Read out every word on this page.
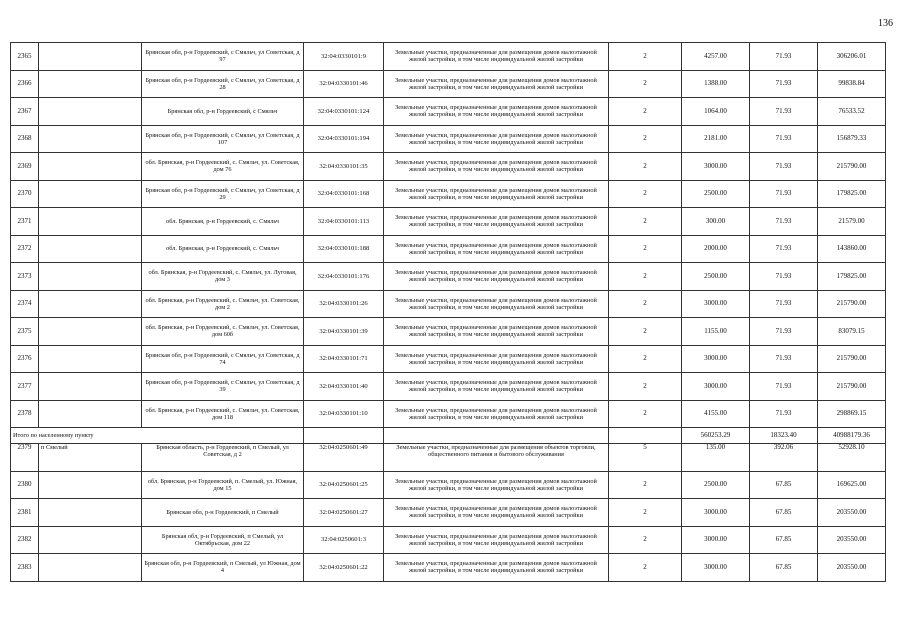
136
2365		Брянская обл, р-н Гордеевский, с Смяльч, ул Советская, д 97	32:04:0330101:9	Земельные участки, предназначенные для размещения домов малоэтажной жилой застройки, в том числе индивидуальной жилой застройки	2	4257.00	71.93	306206.01
2366		Брянская обл, р-н Гордеевский, с Смяльч, ул Советская, д 28	32:04:0330101:46	Земельные участки, предназначенные для размещения домов малоэтажной жилой застройки, в том числе индивидуальной жилой застройки	2	1388.00	71.93	99838.84
2367		Брянская обл, р-н Гордеевский, с Смяльч	32:04:0330101:124	Земельные участки, предназначенные для размещения домов малоэтажной жилой застройки, в том числе индивидуальной жилой застройки	2	1064.00	71.93	76533.52
2368		Брянская обл, р-н Гордеевский, с Смяльч, ул Советская, д 107	32:04:0330101:194	Земельные участки, предназначенные для размещения домов малоэтажной жилой застройки, в том числе индивидуальной жилой застройки	2	2181.00	71.93	156879.33
2369		обл. Брянская, р-н Гордеевский, с. Смяльч, ул. Советская, дом 76	32:04:0330101:35	Земельные участки, предназначенные для размещения домов малоэтажной жилой застройки, в том числе индивидуальной жилой застройки	2	3000.00	71.93	215790.00
2370		Брянская обл, р-н Гордеевский, с Смяльч, ул Советская, д 29	32:04:0330101:168	Земельные участки, предназначенные для размещения домов малоэтажной жилой застройки, в том числе индивидуальной жилой застройки	2	2500.00	71.93	179825.00
2371		обл. Брянская, р-н Гордеевский, с. Смяльч	32:04:0330101:113	Земельные участки, предназначенные для размещения домов малоэтажной жилой застройки, в том числе индивидуальной жилой застройки	2	300.00	71.93	21579.00
2372		обл. Брянская, р-н Гордеевский, с. Смяльч	32:04:0330101:188	Земельные участки, предназначенные для размещения домов малоэтажной жилой застройки, в том числе индивидуальной жилой застройки	2	2000.00	71.93	143860.00
2373		обл. Брянская, р-н Гордеевский, с. Смяльч, ул. Луговая, дом 3	32:04:0330101:176	Земельные участки, предназначенные для размещения домов малоэтажной жилой застройки, в том числе индивидуальной жилой застройки	2	2500.00	71.93	179825.00
2374		обл. Брянская, р-н Гордеевский, с. Смяльч, ул. Советская, дом 2	32:04:0330101:26	Земельные участки, предназначенные для размещения домов малоэтажной жилой застройки, в том числе индивидуальной жилой застройки	2	3000.00	71.93	215790.00
2375		обл. Брянская, р-н Гордеевский, с. Смяльч, ул. Советская, дом 60б	32:04:0330101:39	Земельные участки, предназначенные для размещения домов малоэтажной жилой застройки, в том числе индивидуальной жилой застройки	2	1155.00	71.93	83079.15
2376		Брянская обл, р-н Гордеевский, с Смяльч, ул Советская, д 74	32:04:0330101:71	Земельные участки, предназначенные для размещения домов малоэтажной жилой застройки, в том числе индивидуальной жилой застройки	2	3000.00	71.93	215790.00
2377		Брянская обл, р-н Гордеевский, с Смяльч, ул Советская, д 39	32:04:0330101:40	Земельные участки, предназначенные для размещения домов малоэтажной жилой застройки, в том числе индивидуальной жилой застройки	2	3000.00	71.93	215790.00
2378		обл. Брянская, р-н Гордеевский, с. Смяльч, ул. Советская, дом 118	32:04:0330101:10	Земельные участки, предназначенные для размещения домов малоэтажной жилой застройки, в том числе индивидуальной жилой застройки	2	4155.00	71.93	298869.15
Итого по населенному пункту						560253.29	18323.40	40988179.36
2379	п Смелый	Брянская область, р-н Гордеевский, п Смелый, ул Советская, д 2	32:04:0250601:49	Земельные участки, предназначенные для размещения объектов торговли, общественного питания и бытового обслуживания	5	135.00	392.06	52928.10
2380		обл. Брянская, р-н Гордеевский, п. Смелый, ул. Южная, дом 15	32:04:0250601:25	Земельные участки, предназначенные для размещения домов малоэтажной жилой застройки, в том числе индивидуальной жилой застройки	2	2500.00	67.85	169625.00
2381		Брянская обл, р-н Гордеевский, п Смелый	32:04:0250601:27	Земельные участки, предназначенные для размещения домов малоэтажной жилой застройки, в том числе индивидуальной жилой застройки	2	3000.00	67.85	203550.00
2382		Брянская обл, р-н Гордеевский, п Смелый, ул Октябрьская, дом 22	32:04:0250601:3	Земельные участки, предназначенные для размещения домов малоэтажной жилой застройки, в том числе индивидуальной жилой застройки	2	3000.00	67.85	203550.00
2383		Брянская обл, р-н Гордеевский, п Смелый, ул Южная, дом 4	32:04:0250601:22	Земельные участки, предназначенные для размещения домов малоэтажной жилой застройки, в том числе индивидуальной жилой застройки	2	3000.00	67.85	203550.00
